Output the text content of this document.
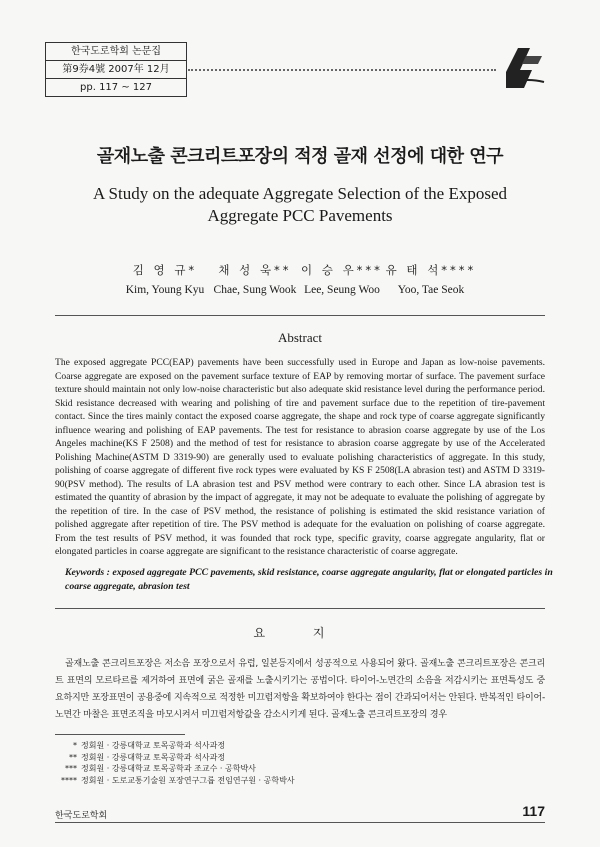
한국도로학회 논문집
第9券4號 2007年 12月
pp. 117 ~ 127
골재노출 콘크리트포장의 적정 골재 선정에 대한 연구
A Study on the adequate Aggregate Selection of the Exposed
Aggregate PCC Pavements
김 영 규*
Kim, Young Kyu
채 성 욱**
Chae, Sung Wook
이 승 우***
Lee, Seung Woo
유 태 석****
Yoo, Tae Seok
Abstract

The exposed aggregate PCC(EAP) pavements have been successfully used in Europe and Japan as low-noise pavements. Coarse aggregate are exposed on the pavement surface texture of EAP by removing mortar of surface. The pavement surface texture should maintain not only low-noise characteristic but also adequate skid resistance level during the performance period. Skid resistance decreased with wearing and polishing of tire and pavement surface due to the repetition of tire-pavement contact. Since the tires mainly contact the exposed coarse aggregate, the shape and rock type of coarse aggregate significantly influence wearing and polishing of EAP pavements. The test for resistance to abrasion coarse aggregate by use of the Los Angeles machine(KS F 2508) and the method of test for resistance to abrasion coarse aggregate by use of the Accelerated Polishing Machine(ASTM D 3319-90) are generally used to evaluate polishing characteristics of aggregate. In this study, polishing of coarse aggregate of different five rock types were evaluated by KS F 2508(LA abrasion test) and ASTM D 3319-90(PSV method). The results of LA abrasion test and PSV method were contrary to each other. Since LA abrasion test is estimated the quantity of abrasion by the impact of aggregate, it may not be adequate to evaluate the polishing of aggregate by the repetition of tire. In the case of PSV method, the resistance of polishing is estimated the skid resistance variation of polished aggregate after repetition of tire. The PSV method is adequate for the evaluation on polishing of coarse aggregate. From the test results of PSV method, it was founded that rock type, specific gravity, coarse aggregate angularity, flat or elongated particles in coarse aggregate are significant to the resistance characteristic of coarse aggregate.

Keywords : exposed aggregate PCC pavements, skid resistance, coarse aggregate angularity, flat or elongated particles in coarse aggregate, abrasion test
요 지

골재노출 콘크리트포장은 저소음 포장으로서 유럽, 일본등지에서 성공적으로 사용되어 왔다. 골재노출 콘크리트포장은 콘크리트 표면의 모르타르를 제거하여 표면에 굵은 골재를 노출시키기는 공법이다. 타이어-노면간의 소음을 저감시키는 표면특성도 중요하지만 포장표면이 공용중에 지속적으로 적정한 미끄럼저항을 확보하여야 한다는 점이 간과되어서는 안된다. 반복적인 타이어-노면간 마찰은 표면조직을 마모시켜서 미끄럼저항값을 감소시키게 된다. 골재노출 콘크리트포장의 경우

* 정회원 · 강릉대학교 토목공학과 석사과정
** 정회원 · 강릉대학교 토목공학과 석사과정
*** 정회원 · 강릉대학교 토목공학과 조교수 · 공학박사
**** 정회원 · 도로교통기술원 포장연구그룹 전임연구원 · 공학박사
한국도로학회	117
